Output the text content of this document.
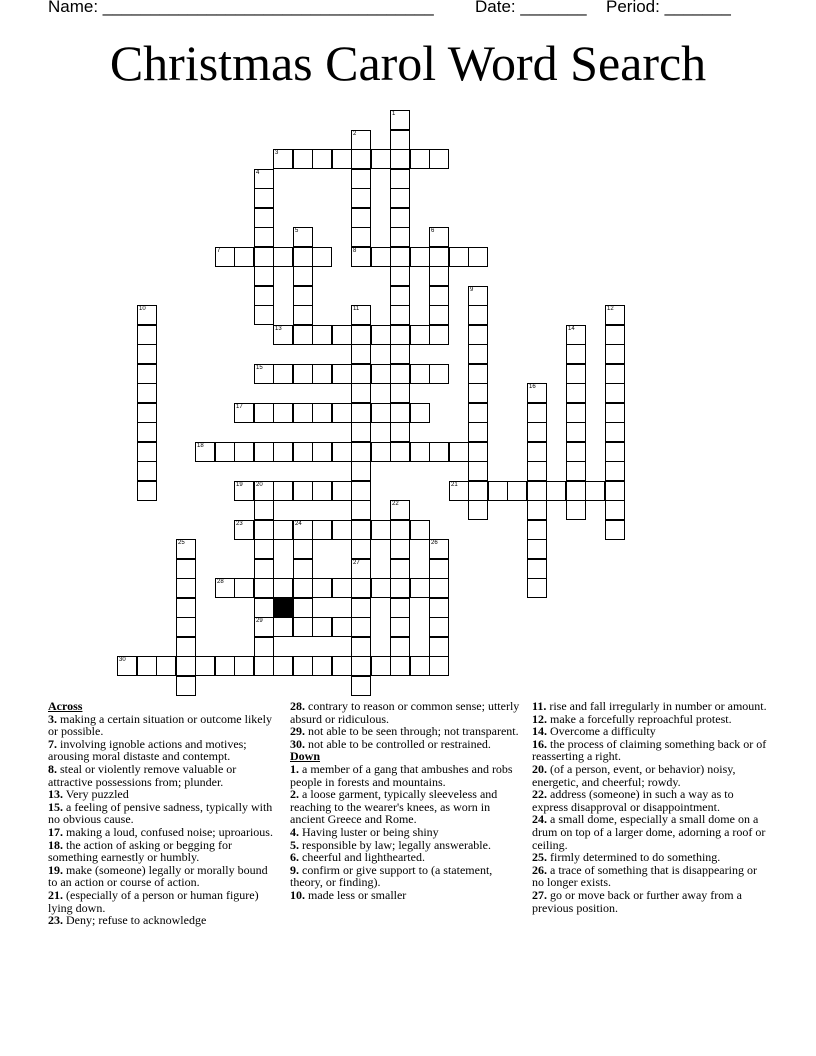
Name: ___________________________________ Date: _______ Period: _______
Christmas Carol Word Search
1
2
3
4
5	6
7	8
9
10	11
27
12
13	14
15
16
17
18
19 20
29
21
22
23	24
25	26
28
30
Across
3. making a certain situation or outcome likely or possible.
7. involving ignoble actions and motives; arousing moral distaste and contempt.
8. steal or violently remove valuable or attractive possessions from; plunder.
13. Very puzzled
15. a feeling of pensive sadness, typically with no obvious cause.
17. making a loud, confused noise; uproarious.
18. the action of asking or begging for something earnestly or humbly.
19. make (someone) legally or morally bound to an action or course of action.
21. (especially of a person or human figure) lying down.
23. Deny; refuse to acknowledge
28. contrary to reason or common sense; utterly absurd or ridiculous.
29. not able to be seen through; not transparent.
30. not able to be controlled or restrained.
Down
1. a member of a gang that ambushes and robs people in forests and mountains.
2. a loose garment, typically sleeveless and reaching to the wearer's knees, as worn in ancient Greece and Rome.
4. Having luster or being shiny
5. responsible by law; legally answerable.
6. cheerful and lighthearted.
9. confirm or give support to (a statement, theory, or finding).
10. made less or smaller
11. rise and fall irregularly in number or amount.
12. make a forcefully reproachful protest.
14. Overcome a difficulty
16. the process of claiming something back or of reasserting a right.
20. (of a person, event, or behavior) noisy, energetic, and cheerful; rowdy.
22. address (someone) in such a way as to express disapproval or disappointment.
24. a small dome, especially a small dome on a drum on top of a larger dome, adorning a roof or ceiling.
25. firmly determined to do something.
26. a trace of something that is disappearing or no longer exists.
27. go or move back or further away from a previous position.
